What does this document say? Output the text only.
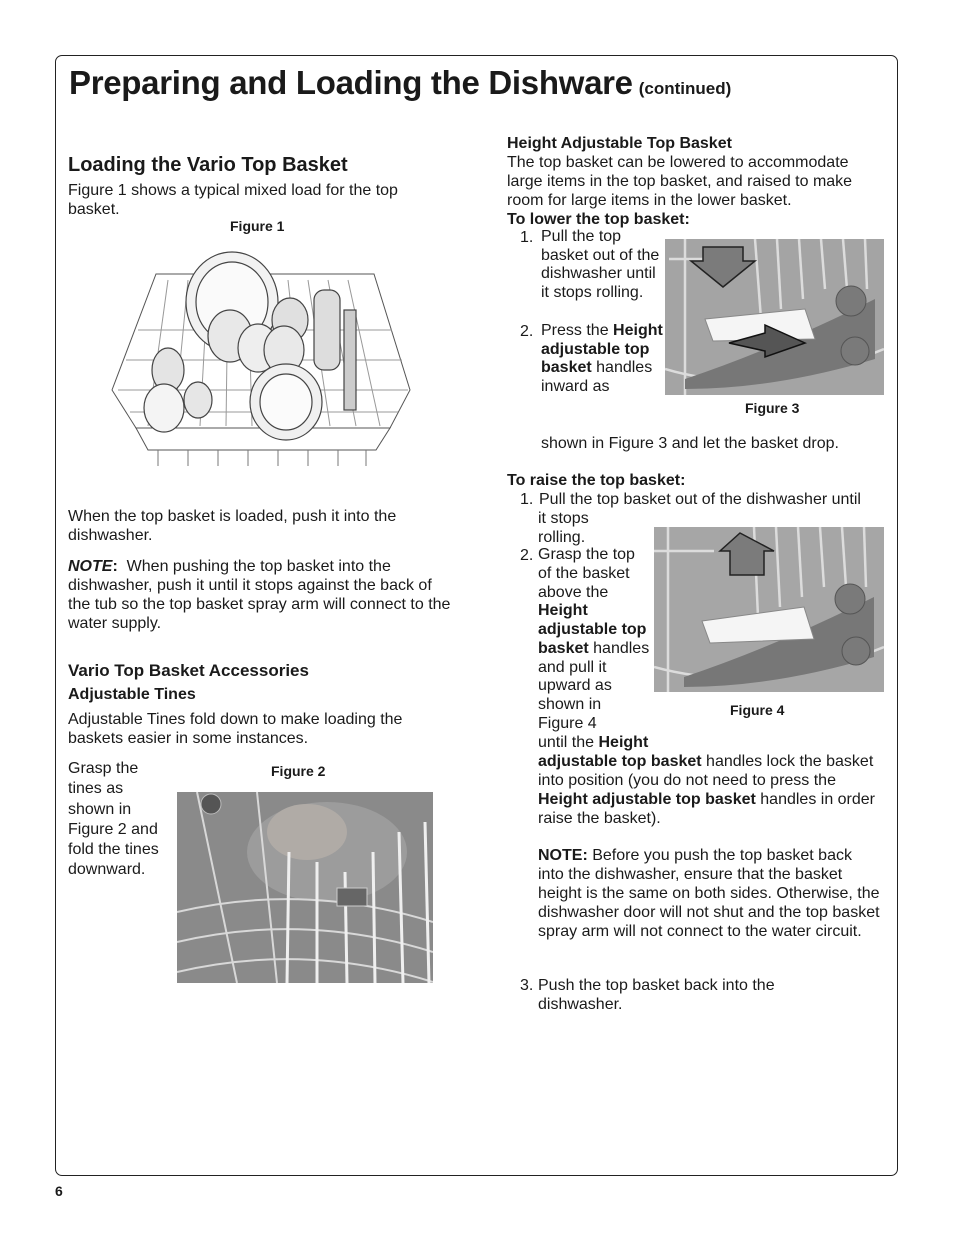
Preparing and Loading the Dishware (continued)
Loading the Vario Top Basket

Figure 1 shows a typical mixed load for the top basket.

Figure 1

When the top basket is loaded, push it into the dishwasher.

NOTE: When pushing the top basket into the dishwasher, push it until it stops against the back of the tub so the top basket spray arm will connect to the water supply.

Vario Top Basket Accessories

Adjustable Tines

Adjustable Tines fold down to make loading the baskets easier in some instances.

Grasp the tines as shown in Figure 2 and fold the tines downward.

Figure 2

Height Adjustable Top Basket

The top basket can be lowered to accommodate large items in the top basket, and raised to make room for large items in the lower basket.

To lower the top basket:

1. Pull the top basket out of the dishwasher until it stops rolling.

2. Press the Height adjustable top basket handles inward as

shown in Figure 3 and let the basket drop.

Figure 3

To raise the top basket:

1. Pull the top basket out of the dishwasher until

it stops rolling.

2. Grasp the top of the basket above the Height adjustable top basket handles and pull it upward as shown in Figure 4

until the Height

adjustable top basket handles lock the basket into position (you do not need to press the Height adjustable top basket handles in order raise the basket).

Figure 4

NOTE: Before you push the top basket back into the dishwasher, ensure that the basket height is the same on both sides. Otherwise, the dishwasher door will not shut and the top basket spray arm will not connect to the water circuit.

3. Push the top basket back into the dishwasher.

6
